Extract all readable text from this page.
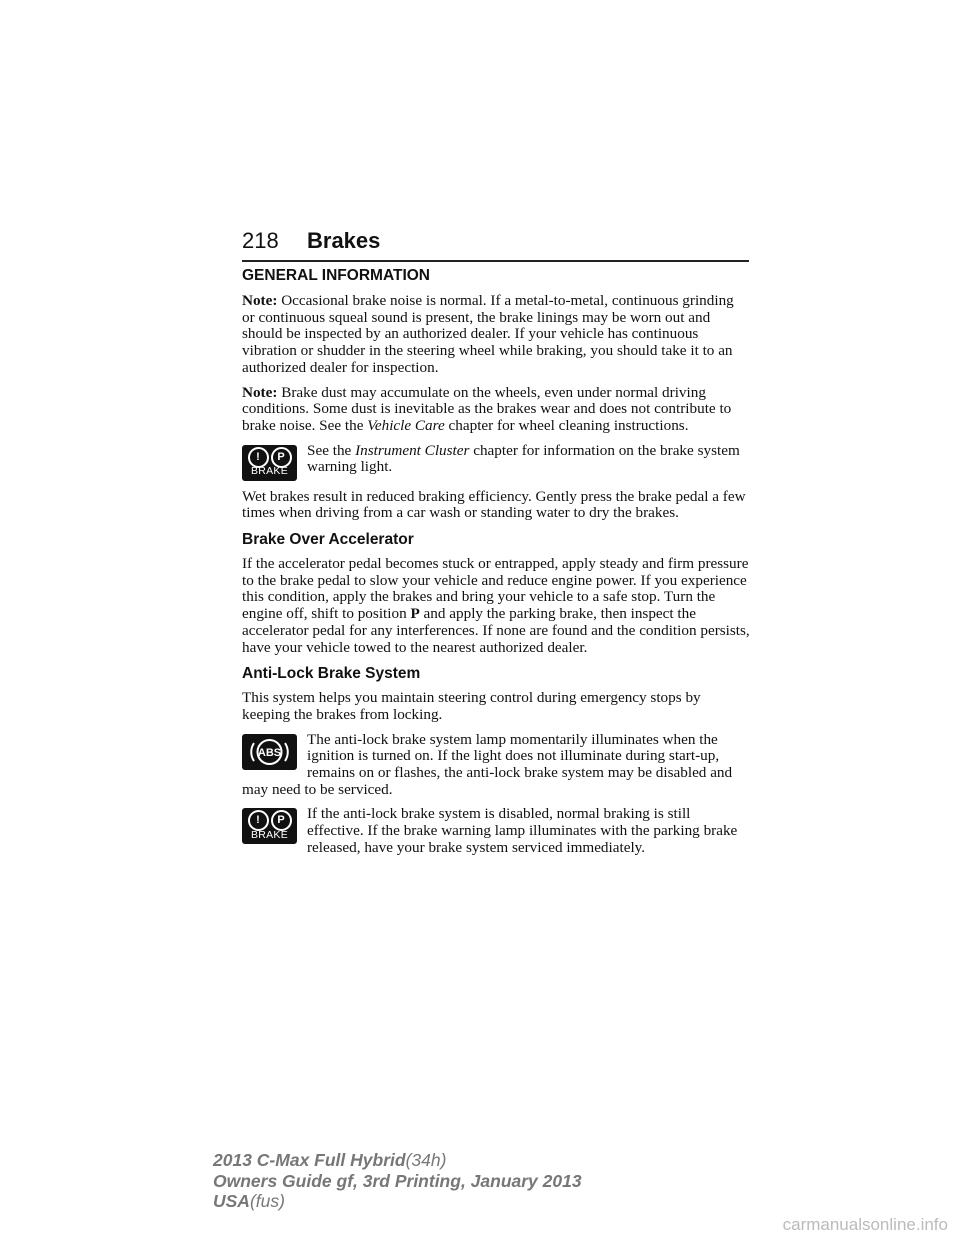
218 Brakes
GENERAL INFORMATION

Note: Occasional brake noise is normal. If a metal-to-metal, continuous grinding or continuous squeal sound is present, the brake linings may be worn out and should be inspected by an authorized dealer. If your vehicle has continuous vibration or shudder in the steering wheel while braking, you should take it to an authorized dealer for inspection.

Note: Brake dust may accumulate on the wheels, even under normal driving conditions. Some dust is inevitable as the brakes wear and does not contribute to brake noise. See the Vehicle Care chapter for wheel cleaning instructions.

! P
BRAKE
See the Instrument Cluster chapter for information on the brake system warning light.

Wet brakes result in reduced braking efficiency. Gently press the brake pedal a few times when driving from a car wash or standing water to dry the brakes.

Brake Over Accelerator

If the accelerator pedal becomes stuck or entrapped, apply steady and firm pressure to the brake pedal to slow your vehicle and reduce engine power. If you experience this condition, apply the brakes and bring your vehicle to a safe stop. Turn the engine off, shift to position P and apply the parking brake, then inspect the accelerator pedal for any interferences. If none are found and the condition persists, have your vehicle towed to the nearest authorized dealer.

Anti-Lock Brake System

This system helps you maintain steering control during emergency stops by keeping the brakes from locking.

ABS
The anti-lock brake system lamp momentarily illuminates when the ignition is turned on. If the light does not illuminate during start-up, remains on or flashes, the anti-lock brake system may be disabled and may need to be serviced.
! P
BRAKE
If the anti-lock brake system is disabled, normal braking is still effective. If the brake warning lamp illuminates with the parking brake released, have your brake system serviced immediately.
2013 C-Max Full Hybrid(34h)
Owners Guide gf, 3rd Printing, January 2013
USA(fus)
carmanualsonline.info
